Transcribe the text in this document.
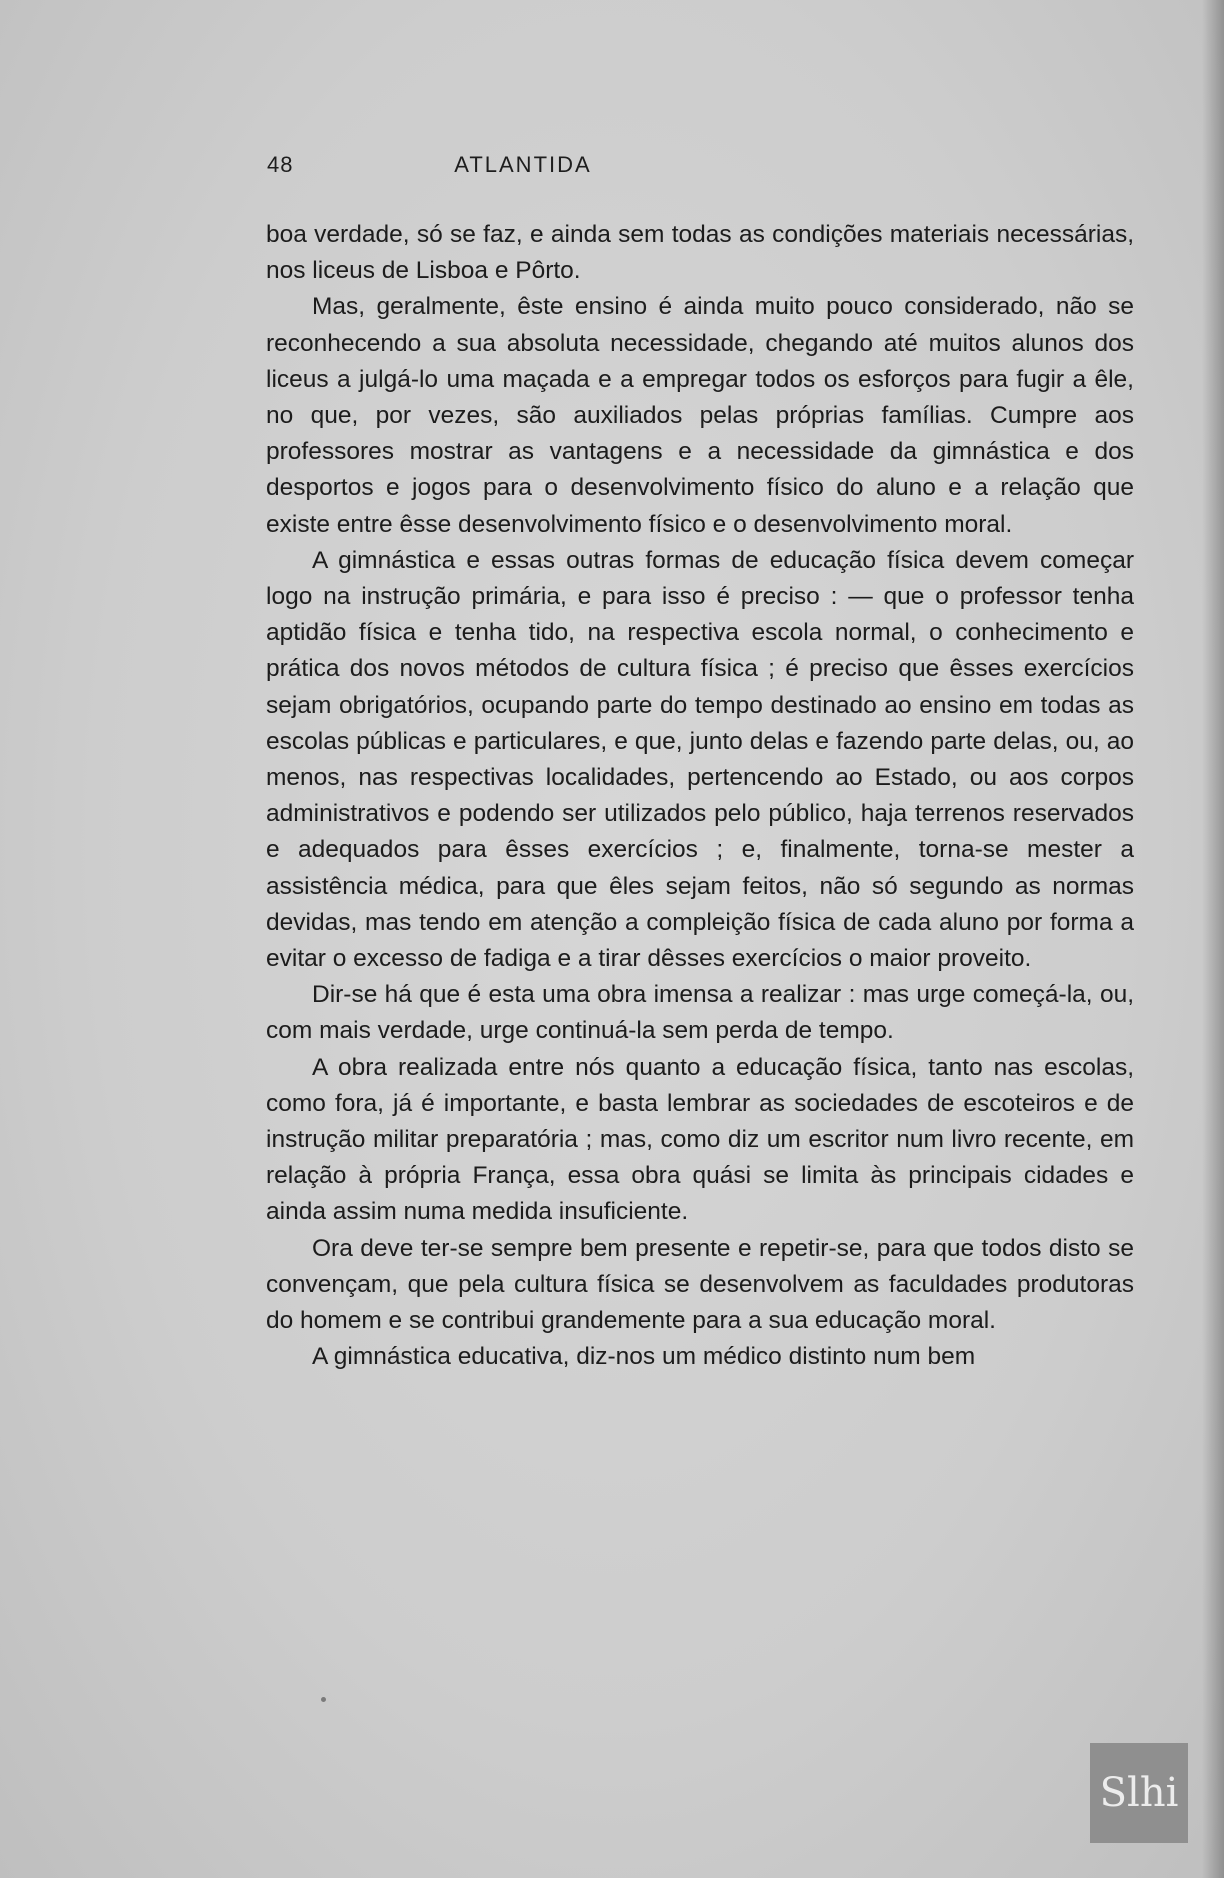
48	ATLANTIDA

boa verdade, só se faz, e ainda sem todas as condições materiais necessárias, nos liceus de Lisboa e Pôrto.

Mas, geralmente, êste ensino é ainda muito pouco considerado, não se reconhecendo a sua absoluta necessidade, chegando até muitos alunos dos liceus a julgá-lo uma maçada e a empregar todos os esforços para fugir a êle, no que, por vezes, são auxiliados pelas próprias famílias. Cumpre aos professores mostrar as vantagens e a necessidade da gimnástica e dos desportos e jogos para o desenvolvimento físico do aluno e a relação que existe entre êsse desenvolvimento físico e o desenvolvimento moral.

A gimnástica e essas outras formas de educação física devem começar logo na instrução primária, e para isso é preciso : — que o professor tenha aptidão física e tenha tido, na respectiva escola normal, o conhecimento e prática dos novos métodos de cultura física ; é preciso que êsses exercícios sejam obrigatórios, ocupando parte do tempo destinado ao ensino em todas as escolas públicas e particulares, e que, junto delas e fazendo parte delas, ou, ao menos, nas respectivas localidades, pertencendo ao Estado, ou aos corpos administrativos e podendo ser utilizados pelo público, haja terrenos reservados e adequados para êsses exercícios ; e, finalmente, torna-se mester a assistência médica, para que êles sejam feitos, não só segundo as normas devidas, mas tendo em atenção a compleição física de cada aluno por forma a evitar o excesso de fadiga e a tirar dêsses exercícios o maior proveito.

Dir-se há que é esta uma obra imensa a realizar : mas urge começá-la, ou, com mais verdade, urge continuá-la sem perda de tempo.

A obra realizada entre nós quanto a educação física, tanto nas escolas, como fora, já é importante, e basta lembrar as sociedades de escoteiros e de instrução militar preparatória ; mas, como diz um escritor num livro recente, em relação à própria França, essa obra quási se limita às principais cidades e ainda assim numa medida insuficiente.

Ora deve ter-se sempre bem presente e repetir-se, para que todos disto se convençam, que pela cultura física se desenvolvem as faculdades produtoras do homem e se contribui grandemente para a sua educação moral.

A gimnástica educativa, diz-nos um médico distinto num bem

Slhi
